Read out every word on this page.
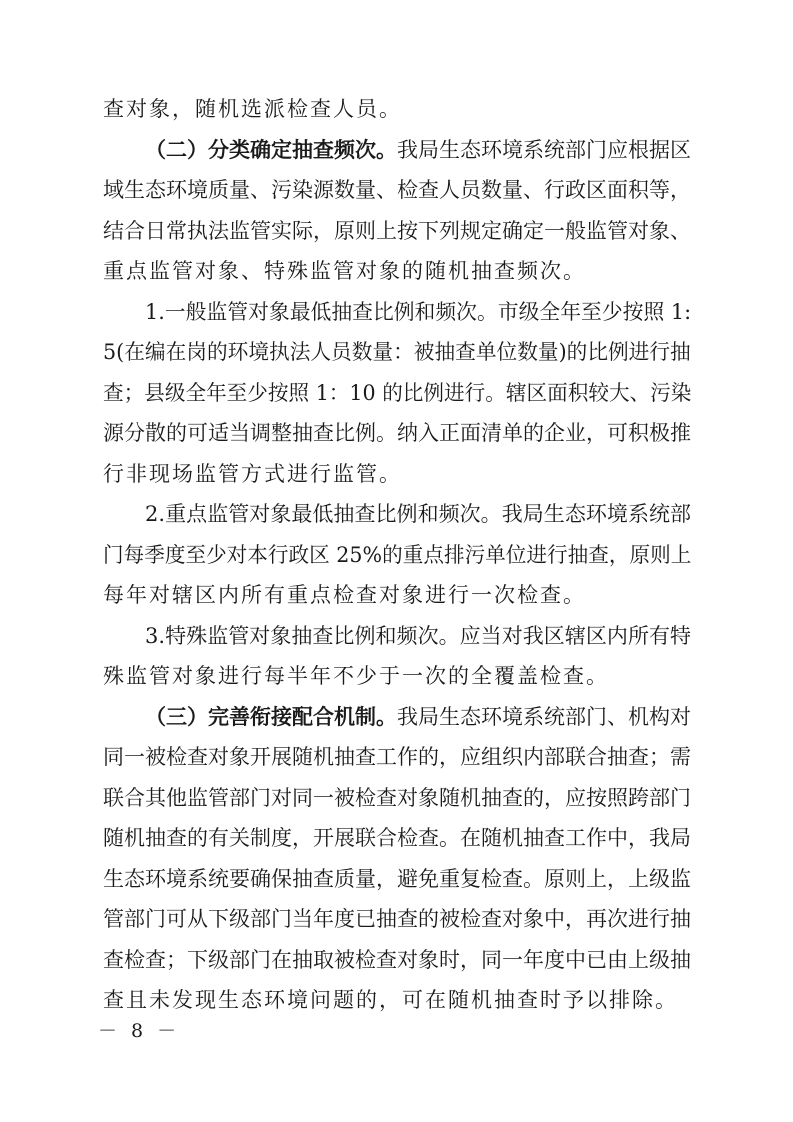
查对象，随机选派检查人员。
（二）分类确定抽查频次。我局生态环境系统部门应根据区
域生态环境质量、污染源数量、检查人员数量、行政区面积等，
结合日常执法监管实际，原则上按下列规定确定一般监管对象、
重点监管对象、特殊监管对象的随机抽查频次。
1.一般监管对象最低抽查比例和频次。市级全年至少按照 1:
5(在编在岗的环境执法人员数量：被抽查单位数量)的比例进行抽
查；县级全年至少按照 1：10 的比例进行。辖区面积较大、污染
源分散的可适当调整抽查比例。纳入正面清单的企业，可积极推
行非现场监管方式进行监管。
2.重点监管对象最低抽查比例和频次。我局生态环境系统部
门每季度至少对本行政区 25%的重点排污单位进行抽查，原则上
每年对辖区内所有重点检查对象进行一次检查。
3.特殊监管对象抽查比例和频次。应当对我区辖区内所有特
殊监管对象进行每半年不少于一次的全覆盖检查。
（三）完善衔接配合机制。我局生态环境系统部门、机构对
同一被检查对象开展随机抽查工作的，应组织内部联合抽查；需
联合其他监管部门对同一被检查对象随机抽查的，应按照跨部门
随机抽查的有关制度，开展联合检查。在随机抽查工作中，我局
生态环境系统要确保抽查质量，避免重复检查。原则上，上级监
管部门可从下级部门当年度已抽查的被检查对象中，再次进行抽
查检查；下级部门在抽取被检查对象时，同一年度中已由上级抽
查且未发现生态环境问题的，可在随机抽查时予以排除。
－ 8 －
